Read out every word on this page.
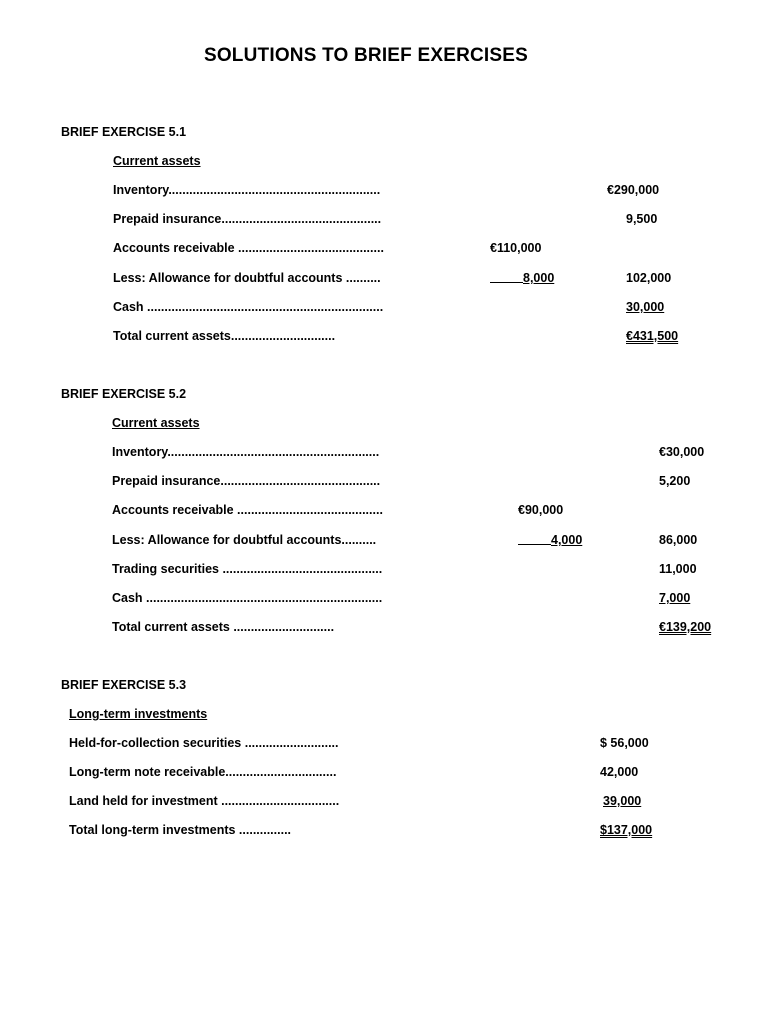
SOLUTIONS TO BRIEF EXERCISES
BRIEF EXERCISE 5.1
Current assets
Inventory.............................................................	€290,000
Prepaid insurance..............................................	9,500
Accounts receivable ..........................................	€110,000
Less: Allowance for doubtful accounts ..........	8,000	102,000
Cash ....................................................................	30,000
Total current assets..............................	€431,500
BRIEF EXERCISE 5.2
Current assets
Inventory.............................................................	€30,000
Prepaid insurance..............................................	5,200
Accounts receivable ..........................................	€90,000
Less: Allowance for doubtful accounts..........	4,000	86,000
Trading securities ..............................................	11,000
Cash ....................................................................	7,000
Total current assets .............................	€139,200
BRIEF EXERCISE 5.3
Long-term investments
Held-for-collection securities ...........................	$ 56,000
Long-term note receivable................................	42,000
Land held for investment ..................................	39,000
Total long-term investments ...............	$137,000
